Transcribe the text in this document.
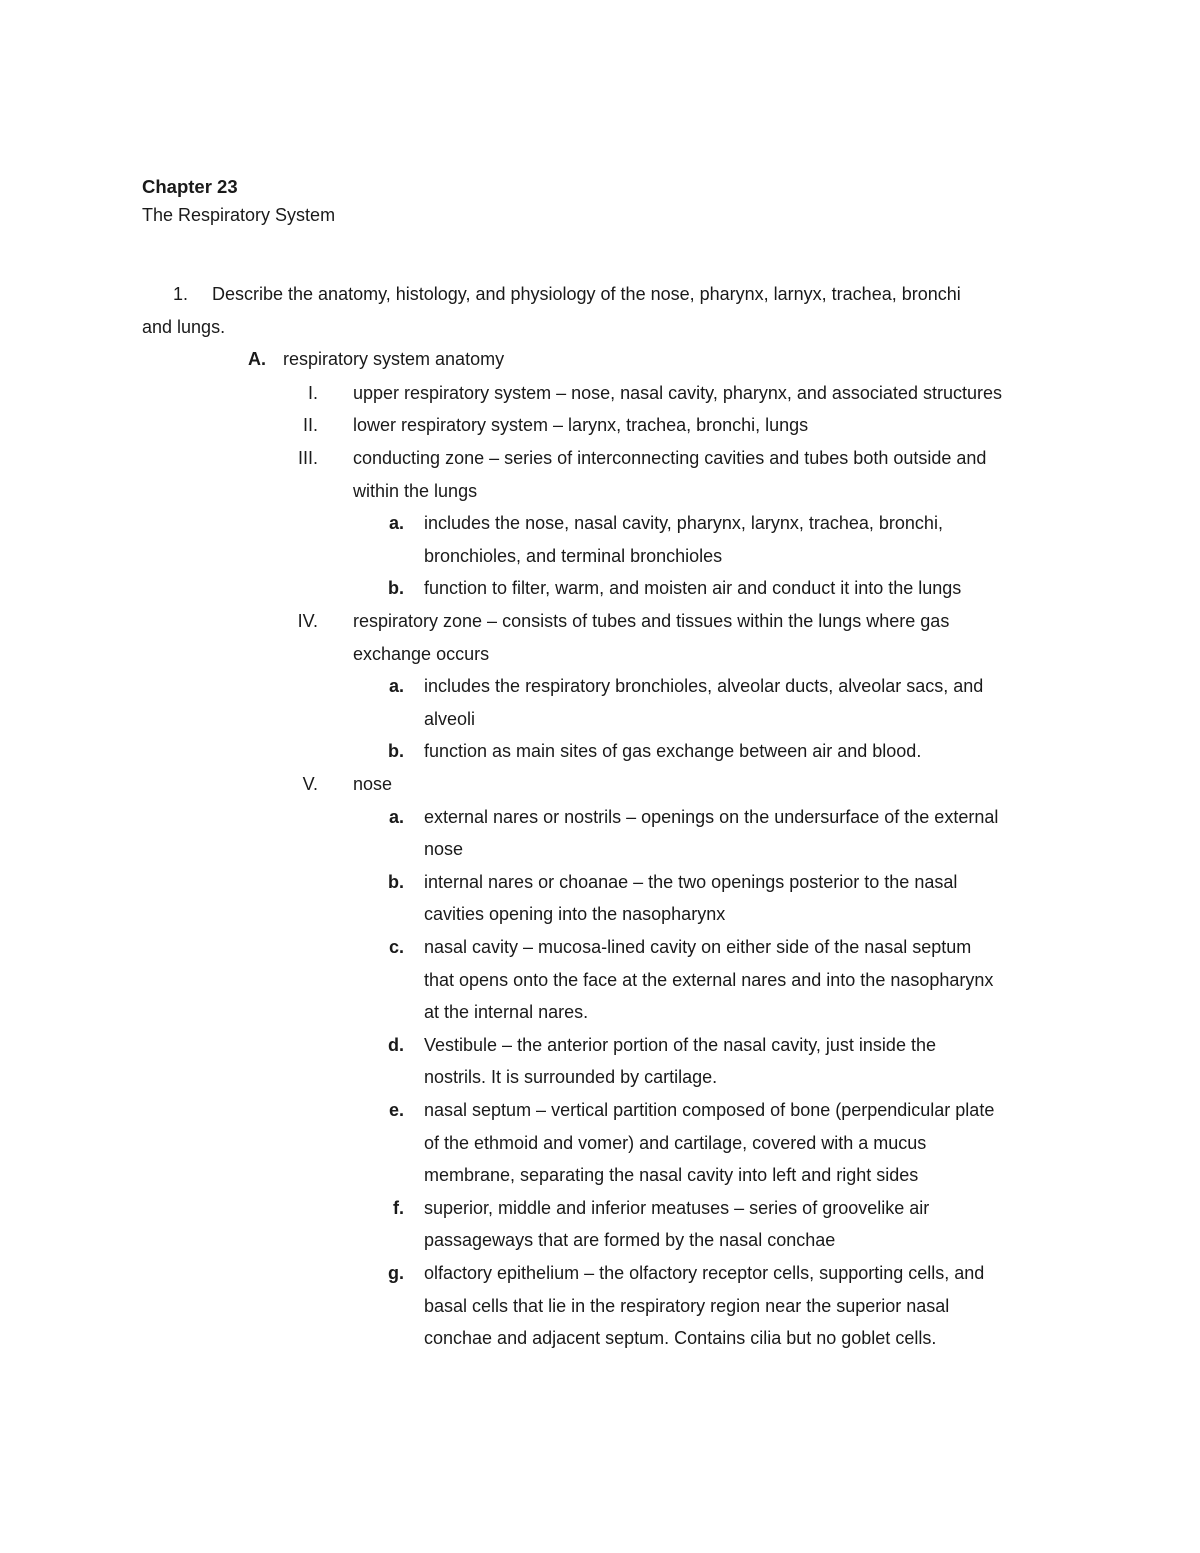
Chapter 23
The Respiratory System
1. Describe the anatomy, histology, and physiology of the nose, pharynx, larnyx, trachea, bronchi
and lungs.
A. respiratory system anatomy
I. upper respiratory system – nose, nasal cavity, pharynx, and associated structures
II. lower respiratory system – larynx, trachea, bronchi, lungs
III. conducting zone – series of interconnecting cavities and tubes both outside and
within the lungs
a. includes the nose, nasal cavity, pharynx, larynx, trachea, bronchi,
bronchioles, and terminal bronchioles
b. function to filter, warm, and moisten air and conduct it into the lungs
IV. respiratory zone – consists of tubes and tissues within the lungs where gas
exchange occurs
a. includes the respiratory bronchioles, alveolar ducts, alveolar sacs, and
alveoli
b. function as main sites of gas exchange between air and blood.
V. nose
a. external nares or nostrils – openings on the undersurface of the external
nose
b. internal nares or choanae – the two openings posterior to the nasal
cavities opening into the nasopharynx
c. nasal cavity – mucosa-lined cavity on either side of the nasal septum
that opens onto the face at the external nares and into the nasopharynx
at the internal nares.
d. Vestibule – the anterior portion of the nasal cavity, just inside the
nostrils. It is surrounded by cartilage.
e. nasal septum – vertical partition composed of bone (perpendicular plate
of the ethmoid and vomer) and cartilage, covered with a mucus
membrane, separating the nasal cavity into left and right sides
f. superior, middle and inferior meatuses – series of groovelike air
passageways that are formed by the nasal conchae
g. olfactory epithelium – the olfactory receptor cells, supporting cells, and
basal cells that lie in the respiratory region near the superior nasal
conchae and adjacent septum. Contains cilia but no goblet cells.
